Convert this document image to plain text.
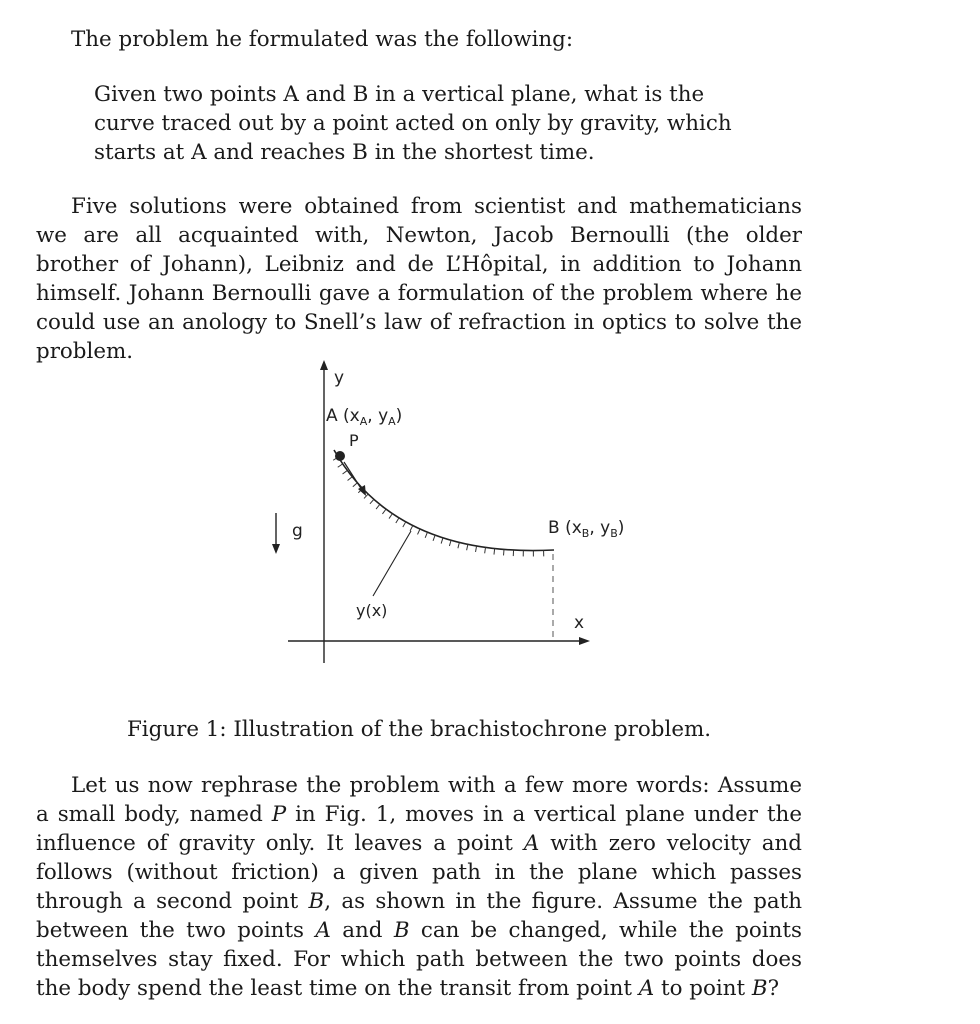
The problem he formulated was the following:

Given two points A and B in a vertical plane, what is the curve traced out by a point acted on only by gravity, which starts at A and reaches B in the shortest time.

Five solutions were obtained from scientist and mathematicians we are all acquainted with, Newton, Jacob Bernoulli (the older brother of Johann), Leibniz and de L’Hôpital, in addition to Johann himself. Johann Bernoulli gave a formulation of the problem where he could use an anology to Snell’s law of refraction in optics to solve the problem.

y
x
g
A ($x_A$, $y_A$)
P
B ($x_B$, $y_B$)
y(x)

Figure 1: Illustration of the brachistochrone problem.

Let us now rephrase the problem with a few more words: Assume a small body, named P in Fig. 1, moves in a vertical plane under the influence of gravity only. It leaves a point A with zero velocity and follows (without friction) a given path in the plane which passes through a second point B, as shown in the figure. Assume the path between the two points A and B can be changed, while the points themselves stay fixed. For which path between the two points does the body spend the least time on the transit from point A to point B?
